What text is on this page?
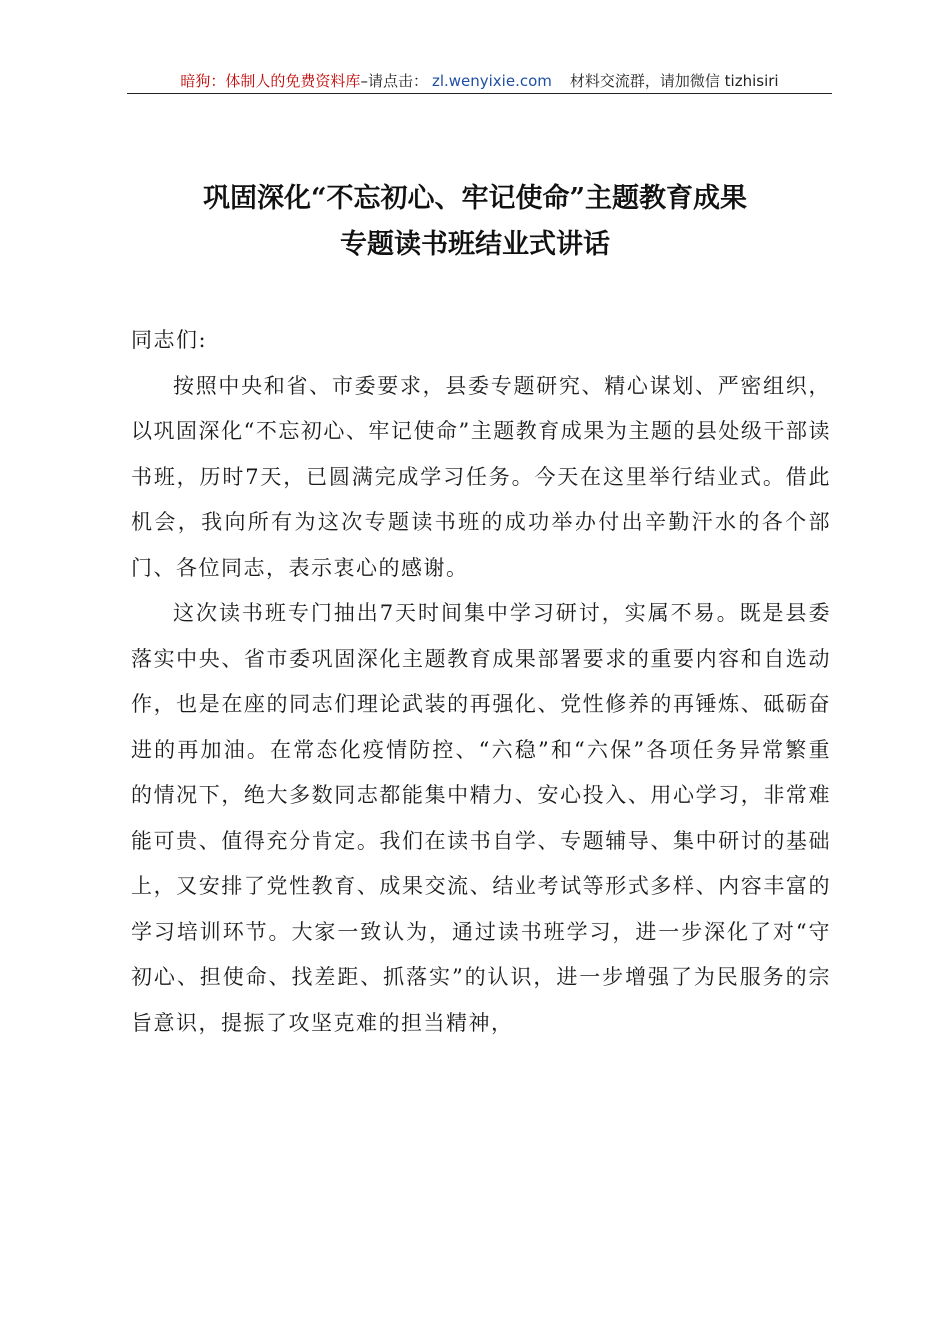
暗狗：体制人的免费资料库–请点击： zl.wenyixie.com 材料交流群，请加微信 tizhisiri
巩固深化“不忘初心、牢记使命”主题教育成果
专题读书班结业式讲话

同志们:

按照中央和省、市委要求，县委专题研究、精心谋划、严密组织，以巩固深化“不忘初心、牢记使命”主题教育成果为主题的县处级干部读书班，历时7天，已圆满完成学习任务。今天在这里举行结业式。借此机会，我向所有为这次专题读书班的成功举办付出辛勤汗水的各个部门、各位同志，表示衷心的感谢。

这次读书班专门抽出7天时间集中学习研讨，实属不易。既是县委落实中央、省市委巩固深化主题教育成果部署要求的重要内容和自选动作，也是在座的同志们理论武装的再强化、党性修养的再锤炼、砥砺奋进的再加油。在常态化疫情防控、“六稳”和“六保”各项任务异常繁重的情况下，绝大多数同志都能集中精力、安心投入、用心学习，非常难能可贵、值得充分肯定。我们在读书自学、专题辅导、集中研讨的基础上，又安排了党性教育、成果交流、结业考试等形式多样、内容丰富的学习培训环节。大家一致认为，通过读书班学习，进一步深化了对“守初心、担使命、找差距、抓落实”的认识，进一步增强了为民服务的宗旨意识，提振了攻坚克难的担当精神，
